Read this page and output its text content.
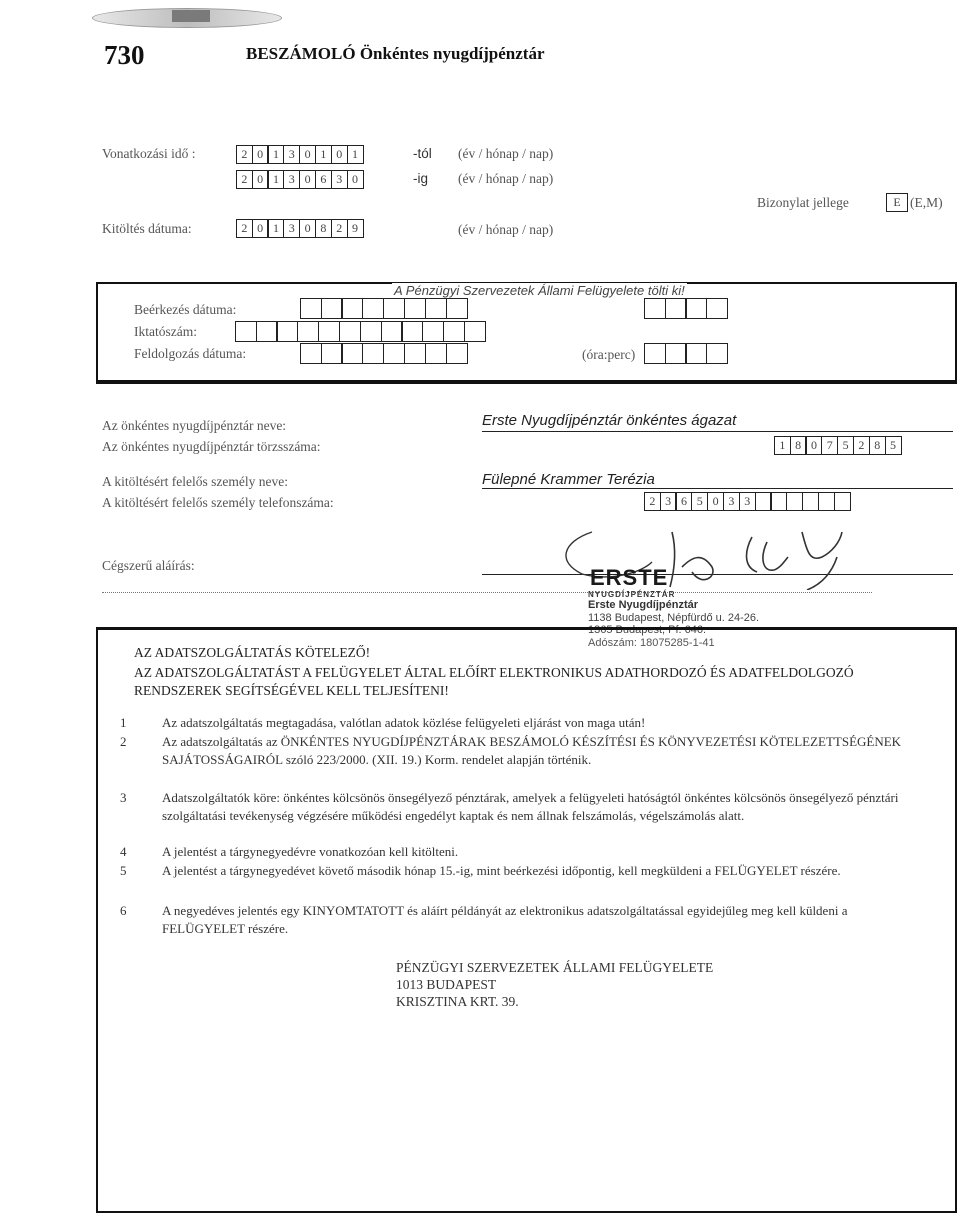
730	BESZÁMOLÓ Önkéntes nyugdíjpénztár
Vonatkozási idő :	2 0 1 3 0 1 0 1	-tól (év / hónap / nap)
2 0 1 3 0 6 3 0	-ig (év / hónap / nap)
Bizonylat jellege	E (E,M)
Kitöltés dátuma:	2 0 1 3 0 8 2 9	(év / hónap / nap)
A Pénzügyi Szervezetek Állami Felügyelete tölti ki!
Beérkezés dátuma:
Iktatószám:
Feldolgozás dátuma:	(óra:perc)
Az önkéntes nyugdíjpénztár neve:	Erste Nyugdíjpénztár önkéntes ágazat
Az önkéntes nyugdíjpénztár törzsszáma:	1 8 0 7 5 2 8 5
A kitöltésért felelős személy neve:	Fülepné Krammer Terézia
A kitöltésért felelős személy telefonszáma:	2 3 6 5 0 3 3
Cégszerű aláírás:	ERSTE
NYUGDÍJPÉNZTÁR
Erste Nyugdíjpénztár
1138 Budapest, Népfürdő u. 24-26.
1365 Budapest, Pf. 646.
Adószám: 18075285-1-41
AZ ADATSZOLGÁLTATÁS KÖTELEZŐ!
AZ ADATSZOLGÁLTATÁST A FELÜGYELET ÁLTAL ELŐÍRT ELEKTRONIKUS ADATHORDOZÓ ÉS ADATFELDOLGOZÓ RENDSZEREK SEGÍTSÉGÉVEL KELL TELJESÍTENI!
1	Az adatszolgáltatás megtagadása, valótlan adatok közlése felügyeleti eljárást von maga után!
2	Az adatszolgáltatás az ÖNKÉNTES NYUGDÍJPÉNZTÁRAK BESZÁMOLÓ KÉSZÍTÉSI ÉS KÖNYVEZETÉSI KÖTELEZETTSÉGÉNEK SAJÁTOSSÁGAIRÓL szóló 223/2000. (XII. 19.) Korm. rendelet alapján történik.
3	Adatszolgáltatók köre: önkéntes kölcsönös önsegélyező pénztárak, amelyek a felügyeleti hatóságtól önkéntes kölcsönös önsegélyező pénztári szolgáltatási tevékenység végzésére működési engedélyt kaptak és nem állnak felszámolás, végelszámolás alatt.
4	A jelentést a tárgynegyedévre vonatkozóan kell kitölteni.
5	A jelentést a tárgynegyedévet követő második hónap 15.-ig, mint beérkezési időpontig, kell megküldeni a FELÜGYELET részére.
6	A negyedéves jelentés egy KINYOMTATOTT és aláírt példányát az elektronikus adatszolgáltatással egyidejűleg meg kell küldeni a FELÜGYELET részére.
PÉNZÜGYI SZERVEZETEK ÁLLAMI FELÜGYELETE
1013 BUDAPEST
KRISZTINA KRT. 39.
